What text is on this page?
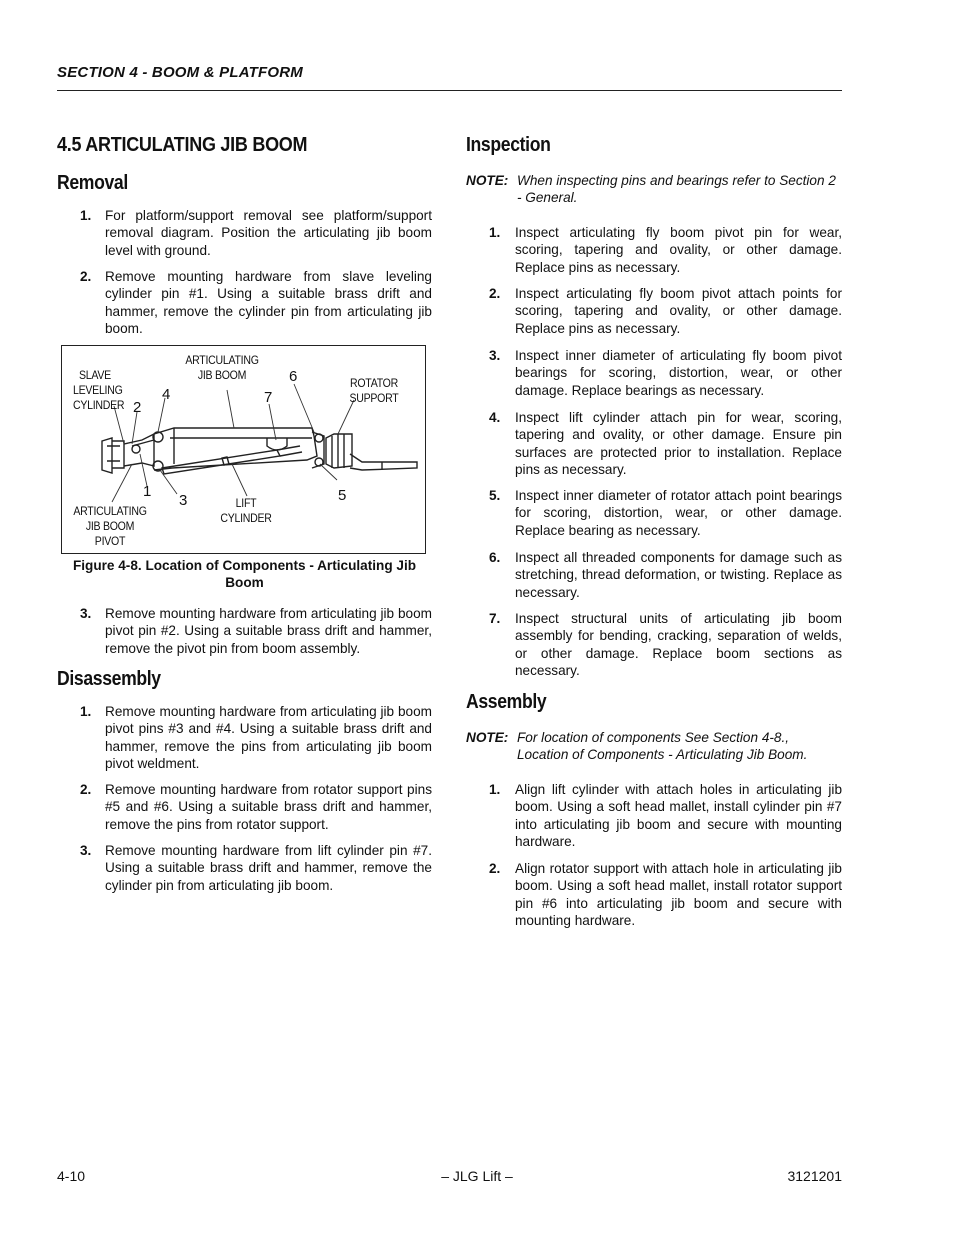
SECTION 4 - BOOM & PLATFORM
4.5 ARTICULATING JIB BOOM
Removal
1. For platform/support removal see platform/support removal diagram. Position the articulating jib boom level with ground.
2. Remove mounting hardware from slave leveling cylinder pin #1. Using a suitable brass drift and hammer, remove the cylinder pin from articulating jib boom.
SLAVE
LEVELING
CYLINDER
ARTICULATING
JIB BOOM
ROTATOR
SUPPORT
ARTICULATING
JIB BOOM
PIVOT
LIFT
CYLINDER
1
2
3
4
5
6
7
Figure 4-8. Location of Components - Articulating Jib Boom
3. Remove mounting hardware from articulating jib boom pivot pin #2. Using a suitable brass drift and hammer, remove the pivot pin from boom assembly.
Disassembly
1. Remove mounting hardware from articulating jib boom pivot pins #3 and #4. Using a suitable brass drift and hammer, remove the pins from articulating jib boom pivot weldment.
2. Remove mounting hardware from rotator support pins #5 and #6. Using a suitable brass drift and hammer, remove the pins from rotator support.
3. Remove mounting hardware from lift cylinder pin #7. Using a suitable brass drift and hammer, remove the cylinder pin from articulating jib boom.
Inspection
NOTE: When inspecting pins and bearings refer to Section 2 - General.
1. Inspect articulating fly boom pivot pin for wear, scoring, tapering and ovality, or other damage. Replace pins as necessary.
2. Inspect articulating fly boom pivot attach points for scoring, tapering and ovality, or other damage. Replace pins as necessary.
3. Inspect inner diameter of articulating fly boom pivot bearings for scoring, distortion, wear, or other damage. Replace bearings as necessary.
4. Inspect lift cylinder attach pin for wear, scoring, tapering and ovality, or other damage. Ensure pin surfaces are protected prior to installation. Replace pins as necessary.
5. Inspect inner diameter of rotator attach point bearings for scoring, distortion, wear, or other damage. Replace bearing as necessary.
6. Inspect all threaded components for damage such as stretching, thread deformation, or twisting. Replace as necessary.
7. Inspect structural units of articulating jib boom assembly for bending, cracking, separation of welds, or other damage. Replace boom sections as necessary.
Assembly
NOTE: For location of components See Section 4-8., Location of Components - Articulating Jib Boom.
1. Align lift cylinder with attach holes in articulating jib boom. Using a soft head mallet, install cylinder pin #7 into articulating jib boom and secure with mounting hardware.
2. Align rotator support with attach hole in articulating jib boom. Using a soft head mallet, install rotator support pin #6 into articulating jib boom and secure with mounting hardware.
4-10	– JLG Lift –	3121201
